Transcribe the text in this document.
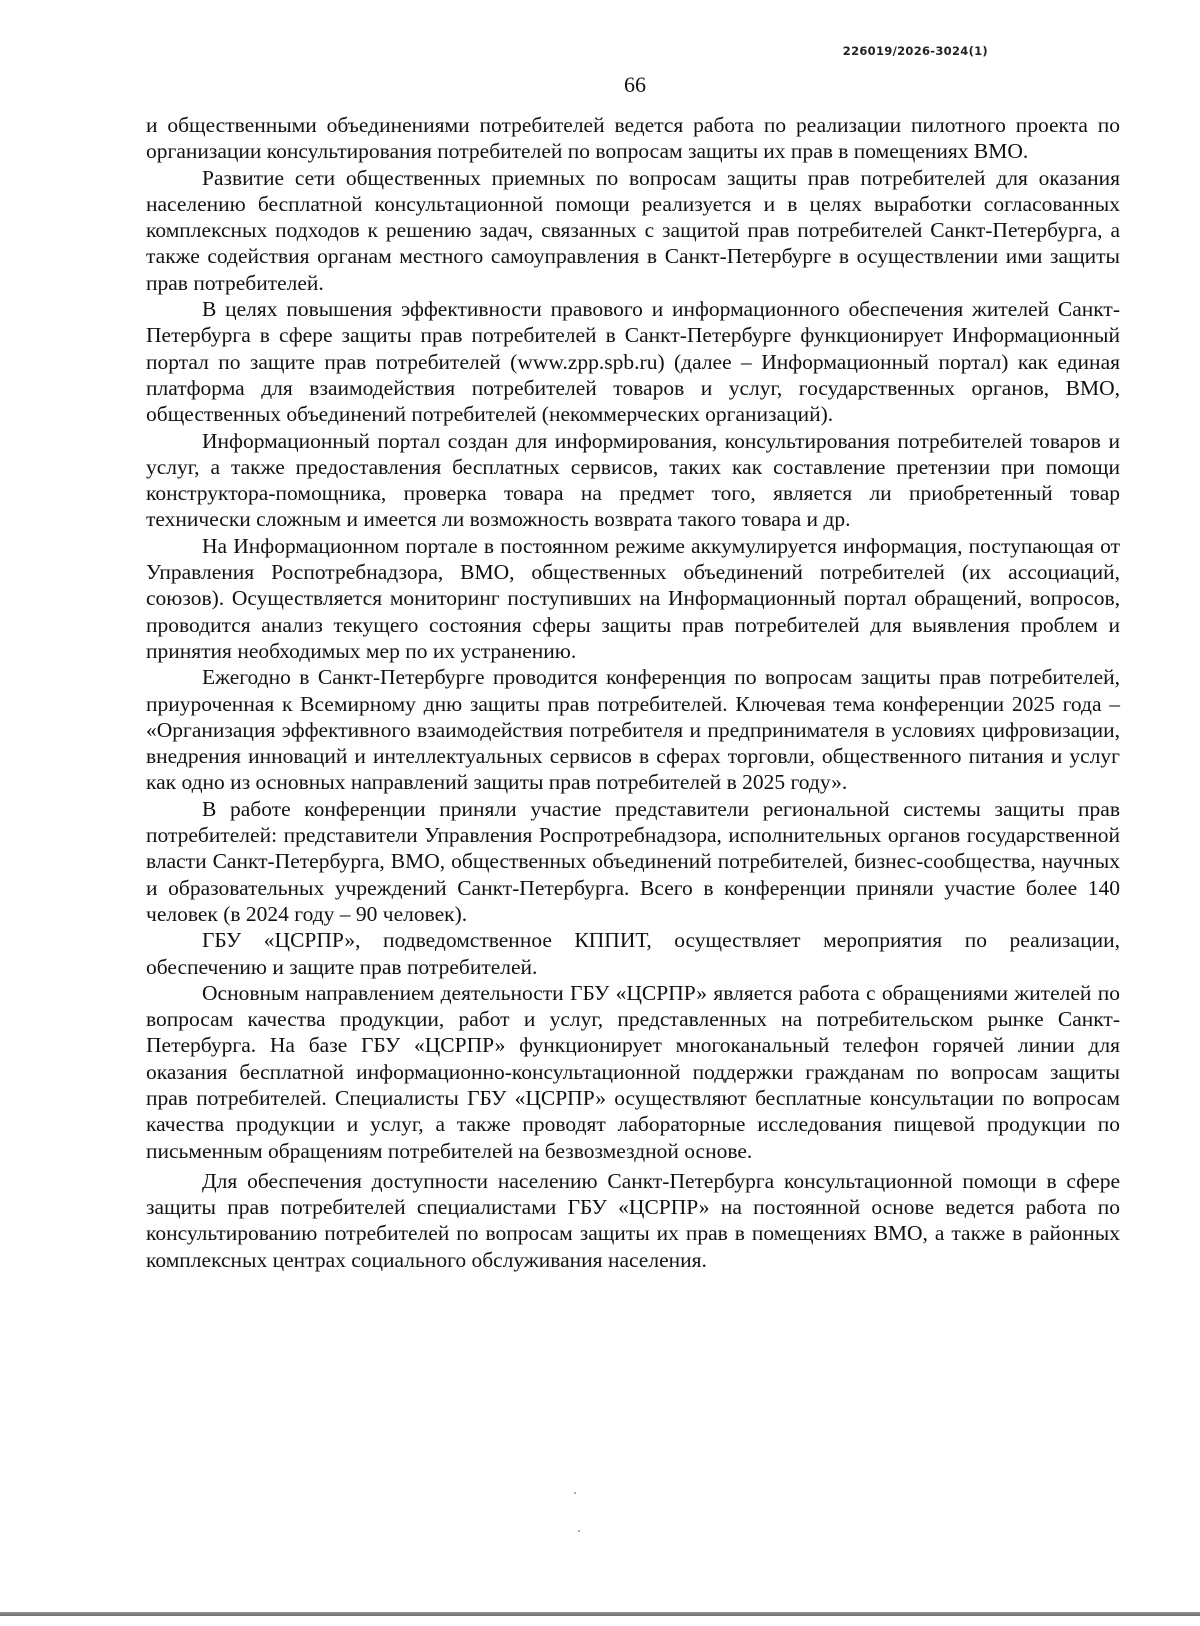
226019/2026-3024(1)
66

и общественными объединениями потребителей ведется работа по реализации пилотного проекта по организации консультирования потребителей по вопросам защиты их прав в помещениях ВМО.

Развитие сети общественных приемных по вопросам защиты прав потребителей для оказания населению бесплатной консультационной помощи реализуется и в целях выработки согласованных комплексных подходов к решению задач, связанных с защитой прав потребителей Санкт-Петербурга, а также содействия органам местного самоуправления в Санкт-Петербурге в осуществлении ими защиты прав потребителей.

В целях повышения эффективности правового и информационного обеспечения жителей Санкт-Петербурга в сфере защиты прав потребителей в Санкт-Петербурге функционирует Информационный портал по защите прав потребителей (www.zpp.spb.ru) (далее – Информационный портал) как единая платформа для взаимодействия потребителей товаров и услуг, государственных органов, ВМО, общественных объединений потребителей (некоммерческих организаций).

Информационный портал создан для информирования, консультирования потребителей товаров и услуг, а также предоставления бесплатных сервисов, таких как составление претензии при помощи конструктора-помощника, проверка товара на предмет того, является ли приобретенный товар технически сложным и имеется ли возможность возврата такого товара и др.

На Информационном портале в постоянном режиме аккумулируется информация, поступающая от Управления Роспотребнадзора, ВМО, общественных объединений потребителей (их ассоциаций, союзов). Осуществляется мониторинг поступивших на Информационный портал обращений, вопросов, проводится анализ текущего состояния сферы защиты прав потребителей для выявления проблем и принятия необходимых мер по их устранению.

Ежегодно в Санкт-Петербурге проводится конференция по вопросам защиты прав потребителей, приуроченная к Всемирному дню защиты прав потребителей. Ключевая тема конференции 2025 года – «Организация эффективного взаимодействия потребителя и предпринимателя в условиях цифровизации, внедрения инноваций и интеллектуальных сервисов в сферах торговли, общественного питания и услуг как одно из основных направлений защиты прав потребителей в 2025 году».

В работе конференции приняли участие представители региональной системы защиты прав потребителей: представители Управления Роспротребнадзора, исполнительных органов государственной власти Санкт-Петербурга, ВМО, общественных объединений потребителей, бизнес-сообщества, научных и образовательных учреждений Санкт-Петербурга. Всего в конференции приняли участие более 140 человек (в 2024 году – 90 человек).

ГБУ «ЦСРПР», подведомственное КППИТ, осуществляет мероприятия по реализации, обеспечению и защите прав потребителей.

Основным направлением деятельности ГБУ «ЦСРПР» является работа с обращениями жителей по вопросам качества продукции, работ и услуг, представленных на потребительском рынке Санкт-Петербурга. На базе ГБУ «ЦСРПР» функционирует многоканальный телефон горячей линии для оказания бесплатной информационно-консультационной поддержки гражданам по вопросам защиты прав потребителей. Специалисты ГБУ «ЦСРПР» осуществляют бесплатные консультации по вопросам качества продукции и услуг, а также проводят лабораторные исследования пищевой продукции по письменным обращениям потребителей на безвозмездной основе.

Для обеспечения доступности населению Санкт-Петербурга консультационной помощи в сфере защиты прав потребителей специалистами ГБУ «ЦСРПР» на постоянной основе ведется работа по консультированию потребителей по вопросам защиты их прав в помещениях ВМО, а также в районных комплексных центрах социального обслуживания населения.
